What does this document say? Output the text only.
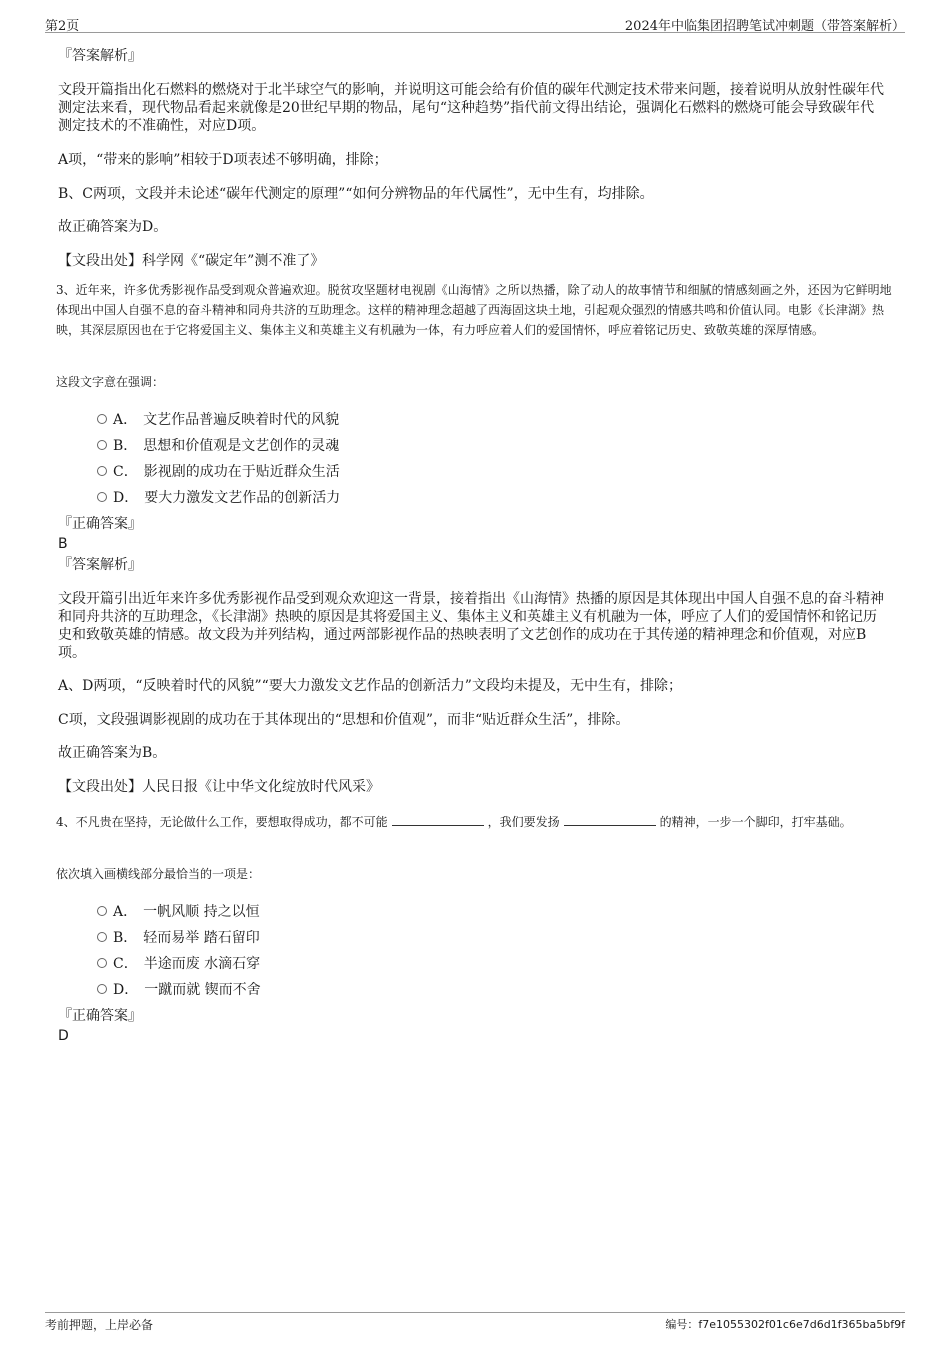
第2页	2024年中临集团招聘笔试冲刺题（带答案解析）
『答案解析』
文段开篇指出化石燃料的燃烧对于北半球空气的影响，并说明这可能会给有价值的碳年代测定技术带来问题，接着说明从放射性碳年代测定法来看，现代物品看起来就像是20世纪早期的物品，尾句“这种趋势”指代前文得出结论，强调化石燃料的燃烧可能会导致碳年代测定技术的不准确性，对应D项。
A项，“带来的影响”相较于D项表述不够明确，排除；
B、C两项，文段并未论述“碳年代测定的原理”“如何分辨物品的年代属性”，无中生有，均排除。
故正确答案为D。
【文段出处】科学网《“碳定年”测不准了》
3、近年来，许多优秀影视作品受到观众普遍欢迎。脱贫攻坚题材电视剧《山海情》之所以热播，除了动人的故事情节和细腻的情感刻画之外，还因为它鲜明地体现出中国人自强不息的奋斗精神和同舟共济的互助理念。这样的精神理念超越了西海固这块土地，引起观众强烈的情感共鸣和价值认同。电影《长津湖》热映，其深层原因也在于它将爱国主义、集体主义和英雄主义有机融为一体，有力呼应着人们的爱国情怀，呼应着铭记历史、致敬英雄的深厚情感。
这段文字意在强调：
A． 文艺作品普遍反映着时代的风貌
B． 思想和价值观是文艺创作的灵魂
C． 影视剧的成功在于贴近群众生活
D． 要大力激发文艺作品的创新活力
『正确答案』
B
『答案解析』
文段开篇引出近年来许多优秀影视作品受到观众欢迎这一背景，接着指出《山海情》热播的原因是其体现出中国人自强不息的奋斗精神和同舟共济的互助理念，《长津湖》热映的原因是其将爱国主义、集体主义和英雄主义有机融为一体，呼应了人们的爱国情怀和铭记历史和致敬英雄的情感。故文段为并列结构，通过两部影视作品的热映表明了文艺创作的成功在于其传递的精神理念和价值观，对应B项。
A、D两项，“反映着时代的风貌”“要大力激发文艺作品的创新活力”文段均未提及，无中生有，排除；
C项，文段强调影视剧的成功在于其体现出的“思想和价值观”，而非“贴近群众生活”，排除。
故正确答案为B。
【文段出处】人民日报《让中华文化绽放时代风采》
4、不凡贵在坚持，无论做什么工作，要想取得成功，都不可能	，我们要发扬	的精神，一步一个脚印，打牢基础。
依次填入画横线部分最恰当的一项是：
A． 一帆风顺 持之以恒
B． 轻而易举 踏石留印
C． 半途而废 水滴石穿
D． 一蹴而就 锲而不舍
『正确答案』
D
考前押题，上岸必备	编号：f7e1055302f01c6e7d6d1f365ba5bf9f
